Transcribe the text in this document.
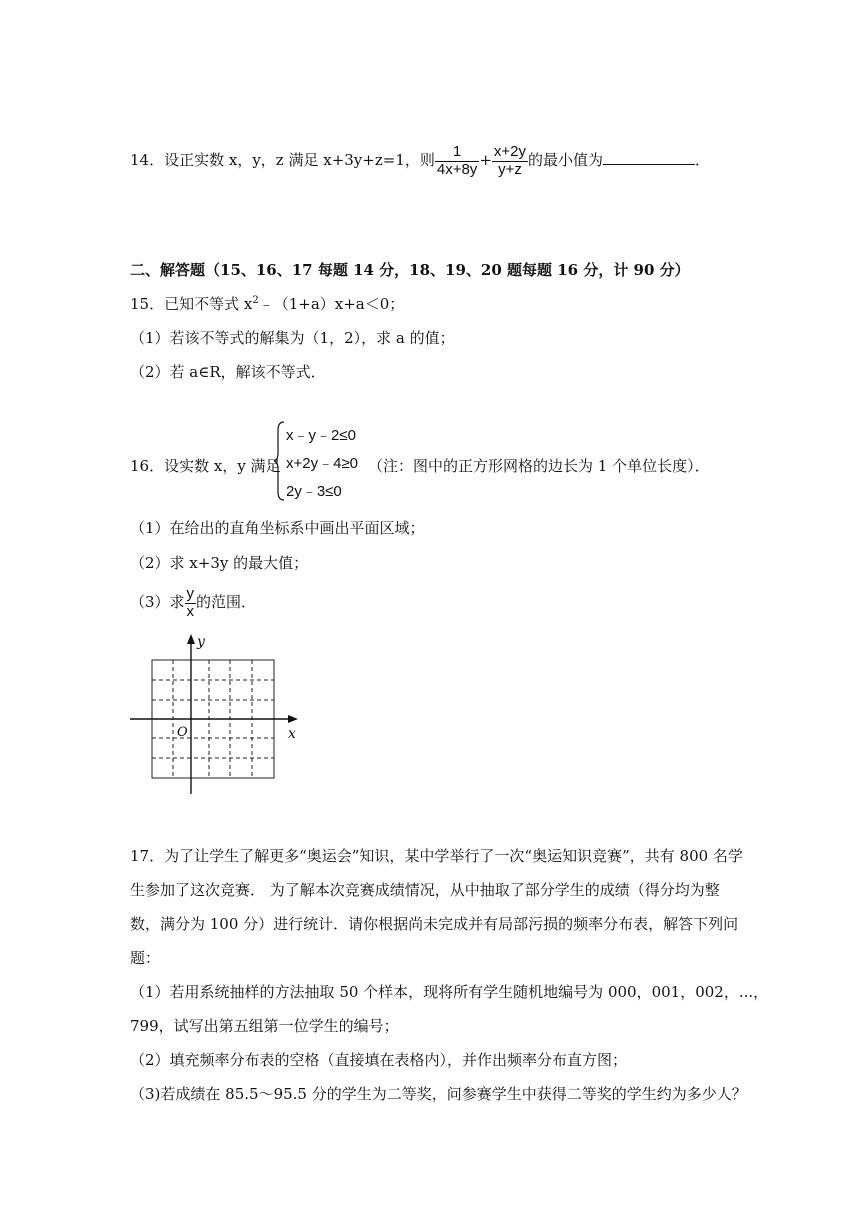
14．设正实数 x，y，z 满足 x+3y+z=1，则 $\frac{1}{4x+8y} + \frac{x+2y}{y+z}$ 的最小值为	．
二、解答题（15、16、17 每题 14 分，18、19、20 题每题 16 分，计 90 分）
15．已知不等式 $x^2﹣(1+a)x+a<0$；
（1）若该不等式的解集为（1，2），求 a 的值；
（2）若 a∈R，解该不等式．
16．设实数 x，y 满足
x﹣y﹣2≤0
x+2y﹣4≥0
2y﹣3≤0
（注：图中的正方形网格的边长为 1 个单位长度）．
（1）在给出的直角坐标系中画出平面区域；
（2）求 x+3y 的最大值；
（3）求 $\frac{y}{x}$ 的范围．
y
x
O
17．为了让学生了解更多“奥运会”知识，某中学举行了一次“奥运知识竞赛”，共有 800 名学
生参加了这次竞赛． 为了解本次竞赛成绩情况，从中抽取了部分学生的成绩（得分均为整
数，满分为 100 分）进行统计．请你根据尚未完成并有局部污损的频率分布表，解答下列问
题：
（1）若用系统抽样的方法抽取 50 个样本，现将所有学生随机地编号为 000，001，002，...，
799，试写出第五组第一位学生的编号；
（2）填充频率分布表的空格（直接填在表格内），并作出频率分布直方图；
（3)若成绩在 85.5～95.5 分的学生为二等奖，问参赛学生中获得二等奖的学生约为多少人？
